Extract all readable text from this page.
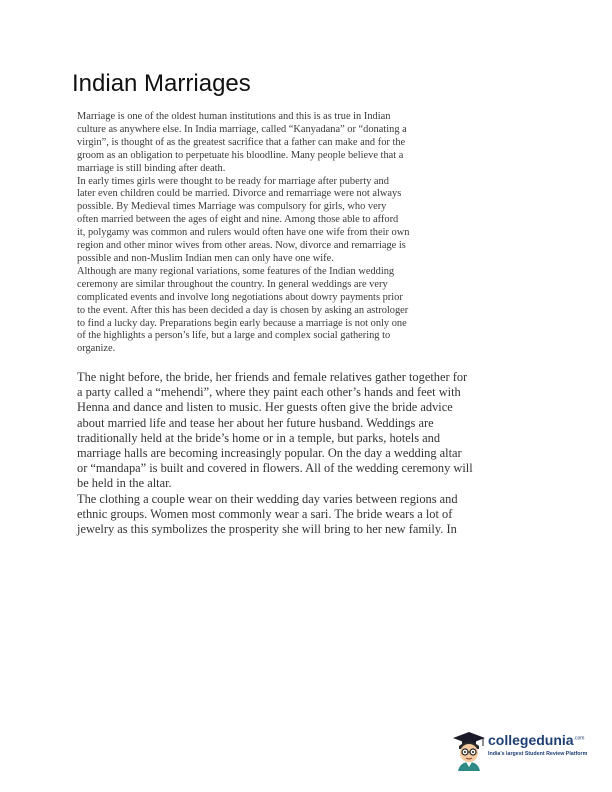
Indian Marriages
Marriage is one of the oldest human institutions and this is as true in Indian
culture as anywhere else. In India marriage, called “Kanyadana” or “donating a
virgin”, is thought of as the greatest sacrifice that a father can make and for the
groom as an obligation to perpetuate his bloodline. Many people believe that a
marriage is still binding after death.
In early times girls were thought to be ready for marriage after puberty and
later even children could be married. Divorce and remarriage were not always
possible. By Medieval times Marriage was compulsory for girls, who very
often married between the ages of eight and nine. Among those able to afford
it, polygamy was common and rulers would often have one wife from their own
region and other minor wives from other areas. Now, divorce and remarriage is
possible and non-Muslim Indian men can only have one wife.
Although are many regional variations, some features of the Indian wedding
ceremony are similar throughout the country. In general weddings are very
complicated events and involve long negotiations about dowry payments prior
to the event. After this has been decided a day is chosen by asking an astrologer
to find a lucky day. Preparations begin early because a marriage is not only one
of the highlights a person’s life, but a large and complex social gathering to
organize.
The night before, the bride, her friends and female relatives gather together for
a party called a “mehendi”, where they paint each other’s hands and feet with
Henna and dance and listen to music. Her guests often give the bride advice
about married life and tease her about her future husband. Weddings are
traditionally held at the bride’s home or in a temple, but parks, hotels and
marriage halls are becoming increasingly popular. On the day a wedding altar
or “mandapa” is built and covered in flowers. All of the wedding ceremony will
be held in the altar.
The clothing a couple wear on their wedding day varies between regions and
ethnic groups. Women most commonly wear a sari. The bride wears a lot of
jewelry as this symbolizes the prosperity she will bring to her new family. In
collegedunia$^{.com}$
India's largest Student Review Platform
